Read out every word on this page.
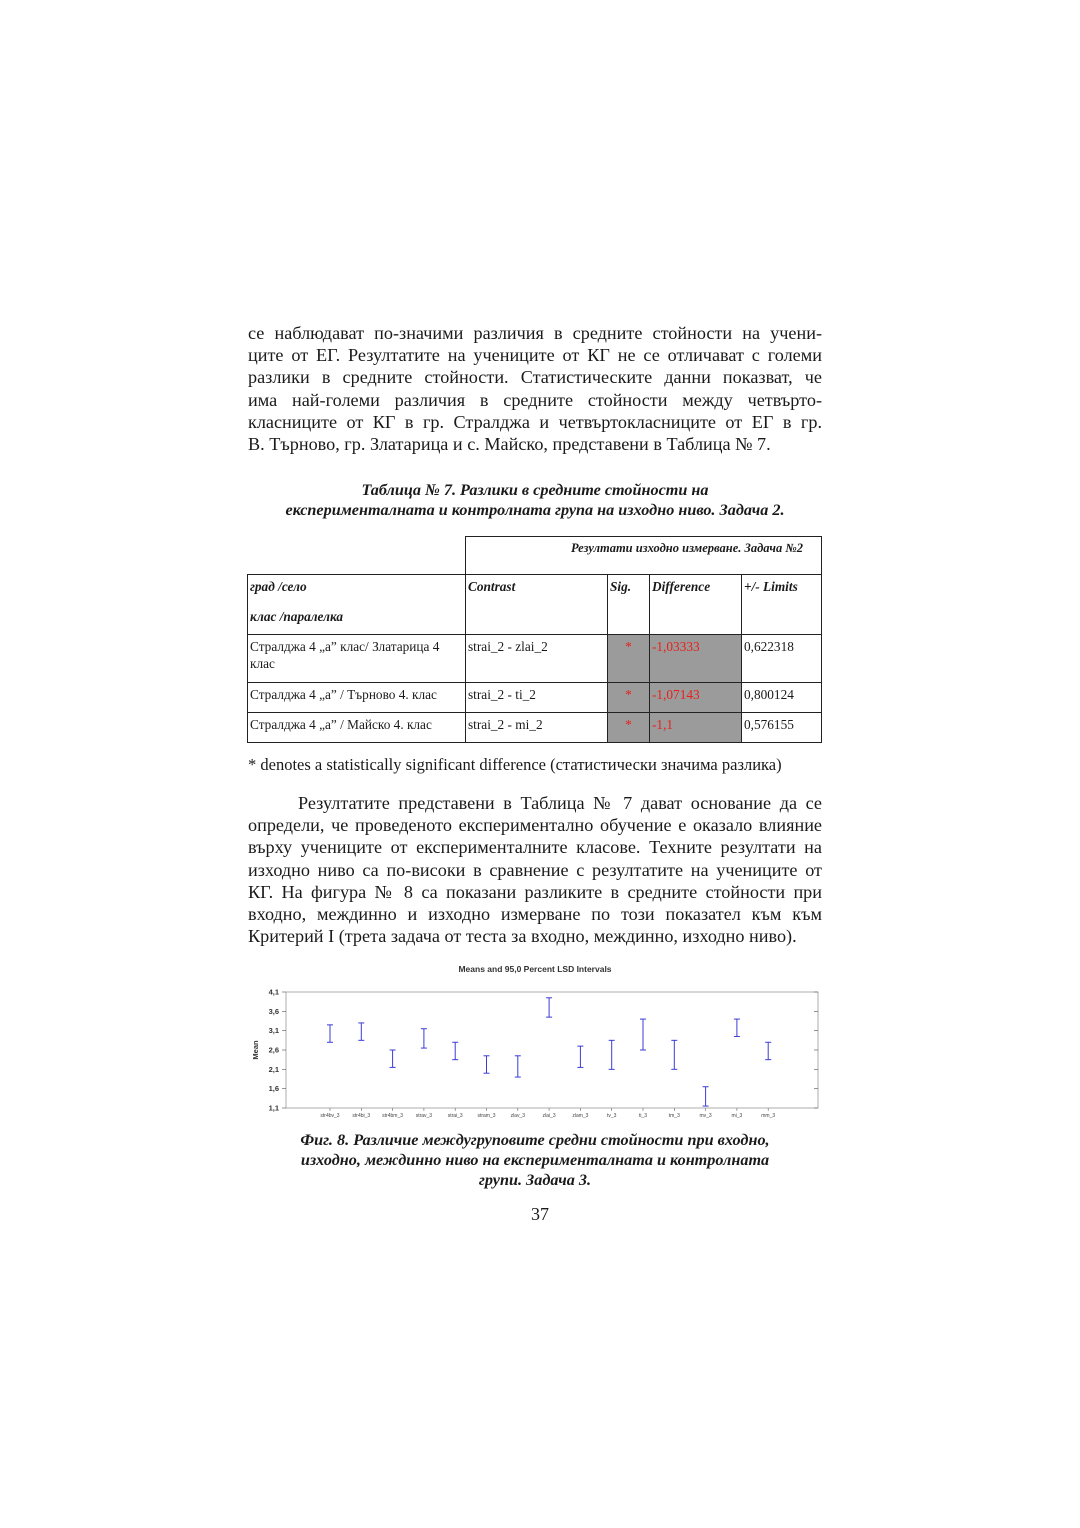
се наблюдават по-значими различия в средните стойности на учени-
ците от ЕГ. Резултатите на учениците от КГ не се отличават с големи
разлики в средните стойности. Статистическите данни показват, че
има най-големи различия в средните стойности между четвърто-
класниците от КГ в гр. Стралджа и четвъртокласниците от ЕГ в гр.
В. Търново, гр. Златарица и с. Майско, представени в Таблица № 7.
Таблица № 7. Разлики в средните стойности на
експерименталната и контролната група на изходно ниво. Задача 2.
	Резултати изходно измерване. Задача №2			

град /село
клас /паралелка	Contrast	Sig.	Difference	+/- Limits
Стралджа 4 „а” клас/ Златарица 4 клас	strai_2 - zlai_2	*	-1,03333	0,622318
Стралджа 4 „а” / Търново 4. клас	strai_2 - ti_2	*	-1,07143	0,800124
Стралджа 4 „а” / Майско 4. клас	strai_2 - mi_2	*	-1,1	0,576155

* denotes a statistically significant difference (статистически значима разлика)

Резултатите представени в Таблица № 7 дават основание да се
определи, че проведеното експериментално обучение е оказало влияние
върху учениците от експерименталните класове. Техните резултати на
изходно ниво са по-високи в сравнение с резултатите на учениците от
КГ. На фигура № 8 са показани разликите в средните стойности при
входно, междинно и изходно измерване по този показател към към
Критерий І (трета задача от теста за входно, междинно, изходно ниво).
Means and 95,0 Percent LSD Intervals
Mean
4,1
3,6
3,1
2,6
2,1
1,6
1,1
str4bv_3	str4bi_3 str4bm_3	strav_3	strai_3	stram_3	zlav_3	zlai_3	zlam_3	tv_3	ti_3	tm_3	mv_3	mi_3	mm_3
Фиг. 8. Различие междугруповите средни стойности при входно,
изходно, междинно ниво на експерименталната и контролната
групи. Задача 3.

37
